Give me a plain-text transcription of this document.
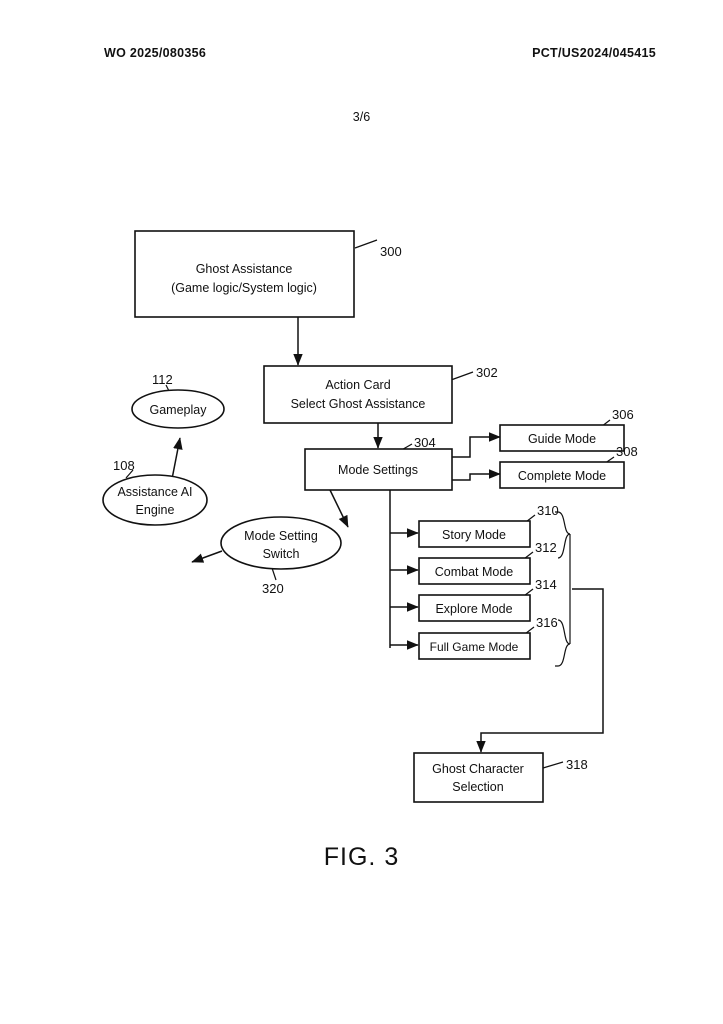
WO 2025/080356	PCT/US2024/045415
3/6
Ghost Assistance
(Game logic/System logic)
300
Action Card
Select Ghost Assistance
302
Mode Settings
304	Guide Mode
306
Complete Mode
308
Story Mode
310
Combat Mode
312
Explore Mode
314
Full Game Mode
316
Ghost Character
Selection
318
Gameplay
112
Assistance AI
Engine
108
Mode Setting
Switch
320
FIG. 3
